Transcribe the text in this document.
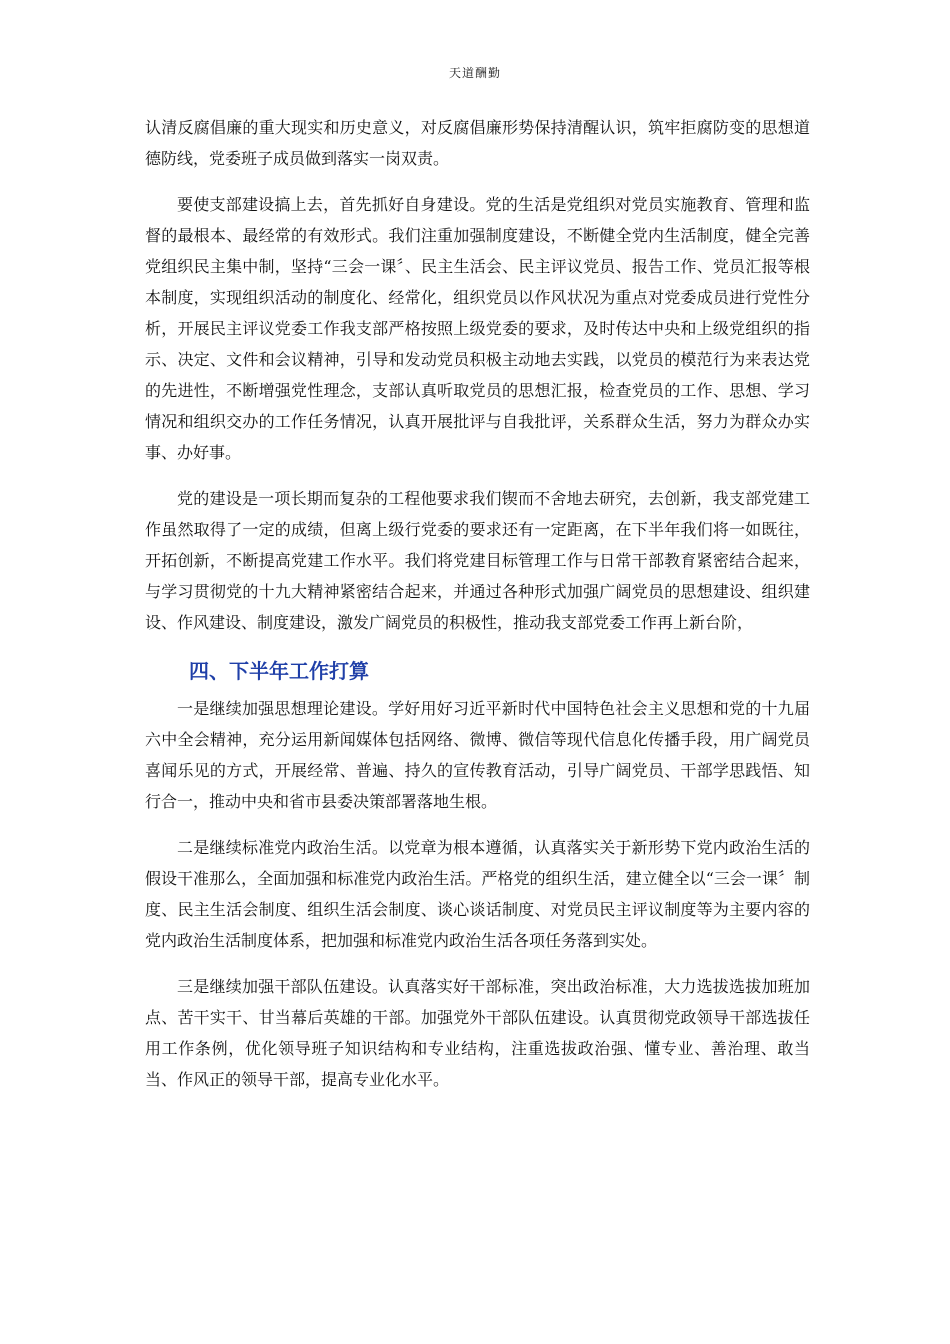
天道酬勤

认清反腐倡廉的重大现实和历史意义，对反腐倡廉形势保持清醒认识，筑牢拒腐防变的思想道德防线，党委班子成员做到落实一岗双责。

要使支部建设搞上去，首先抓好自身建设。党的生活是党组织对党员实施教育、管理和监督的最根本、最经常的有效形式。我们注重加强制度建设，不断健全党内生活制度，健全完善党组织民主集中制，坚持“三会一课〞、民主生活会、民主评议党员、报告工作、党员汇报等根本制度，实现组织活动的制度化、经常化，组织党员以作风状况为重点对党委成员进行党性分析，开展民主评议党委工作我支部严格按照上级党委的要求，及时传达中央和上级党组织的指示、决定、文件和会议精神，引导和发动党员积极主动地去实践，以党员的模范行为来表达党的先进性，不断增强党性理念，支部认真听取党员的思想汇报，检查党员的工作、思想、学习情况和组织交办的工作任务情况，认真开展批评与自我批评，关系群众生活，努力为群众办实事、办好事。

党的建设是一项长期而复杂的工程他要求我们锲而不舍地去研究，去创新，我支部党建工作虽然取得了一定的成绩，但离上级行党委的要求还有一定距离，在下半年我们将一如既往，开拓创新，不断提高党建工作水平。我们将党建目标管理工作与日常干部教育紧密结合起来，与学习贯彻党的十九大精神紧密结合起来，并通过各种形式加强广阔党员的思想建设、组织建设、作风建设、制度建设，激发广阔党员的积极性，推动我支部党委工作再上新台阶，

四、下半年工作打算

一是继续加强思想理论建设。学好用好习近平新时代中国特色社会主义思想和党的十九届六中全会精神，充分运用新闻媒体包括网络、微博、微信等现代信息化传播手段，用广阔党员喜闻乐见的方式，开展经常、普遍、持久的宣传教育活动，引导广阔党员、干部学思践悟、知行合一，推动中央和省市县委决策部署落地生根。

二是继续标准党内政治生活。以党章为根本遵循，认真落实关于新形势下党内政治生活的假设干准那么，全面加强和标准党内政治生活。严格党的组织生活，建立健全以“三会一课〞制度、民主生活会制度、组织生活会制度、谈心谈话制度、对党员民主评议制度等为主要内容的党内政治生活制度体系，把加强和标准党内政治生活各项任务落到实处。

三是继续加强干部队伍建设。认真落实好干部标准，突出政治标准，大力选拔选拔加班加点、苦干实干、甘当幕后英雄的干部。加强党外干部队伍建设。认真贯彻党政领导干部选拔任用工作条例，优化领导班子知识结构和专业结构，注重选拔政治强、懂专业、善治理、敢当当、作风正的领导干部，提高专业化水平。
